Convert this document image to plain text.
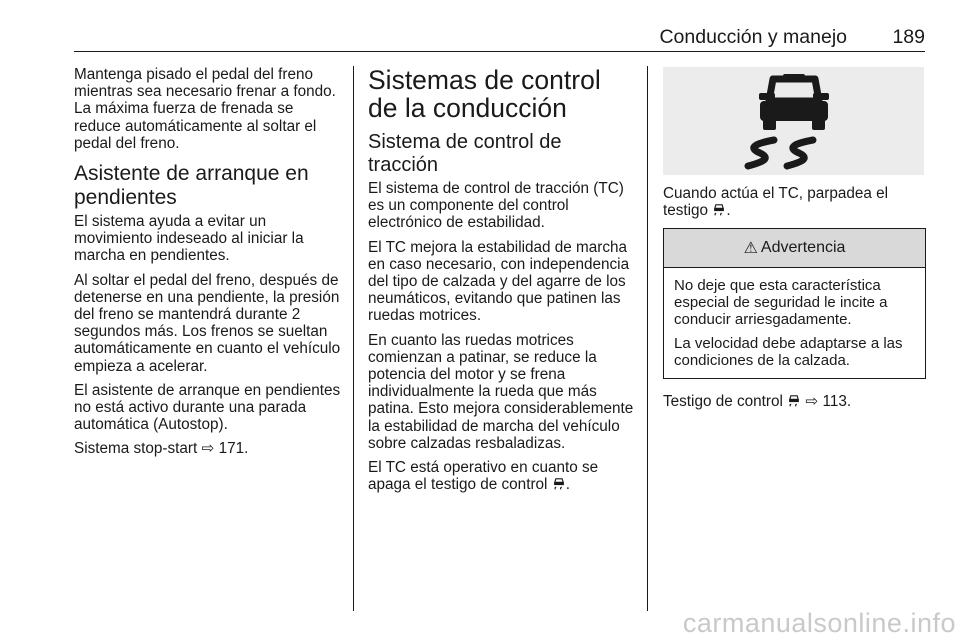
Conducción y manejo 189

Mantenga pisado el pedal del freno mientras sea necesario frenar a fondo. La máxima fuerza de frenada se reduce automáticamente al soltar el pedal del freno.

Asistente de arranque en pendientes

El sistema ayuda a evitar un movimiento indeseado al iniciar la marcha en pendientes.

Al soltar el pedal del freno, después de detenerse en una pendiente, la presión del freno se mantendrá durante 2 segundos más. Los frenos se sueltan automáticamente en cuanto el vehículo empieza a acelerar.

El asistente de arranque en pendientes no está activo durante una parada automática (Autostop).

Sistema stop-start ⇨ 171.

Sistemas de control de la conducción
Sistema de control de tracción

El sistema de control de tracción (TC) es un componente del control electrónico de estabilidad.

El TC mejora la estabilidad de marcha en caso necesario, con independencia del tipo de calzada y del agarre de los neumáticos, evitando que patinen las ruedas motrices.

En cuanto las ruedas motrices comienzan a patinar, se reduce la potencia del motor y se frena individualmente la rueda que más patina. Esto mejora considerablemente la estabilidad de marcha del vehículo sobre calzadas resbaladizas.

El TC está operativo en cuanto se apaga el testigo de control .

Cuando actúa el TC, parpadea el testigo .

⚠ Advertencia

No deje que esta característica especial de seguridad le incite a conducir arriesgadamente.

La velocidad debe adaptarse a las condiciones de la calzada.

Testigo de control ⇨ 113.

carmanualsonline.info
